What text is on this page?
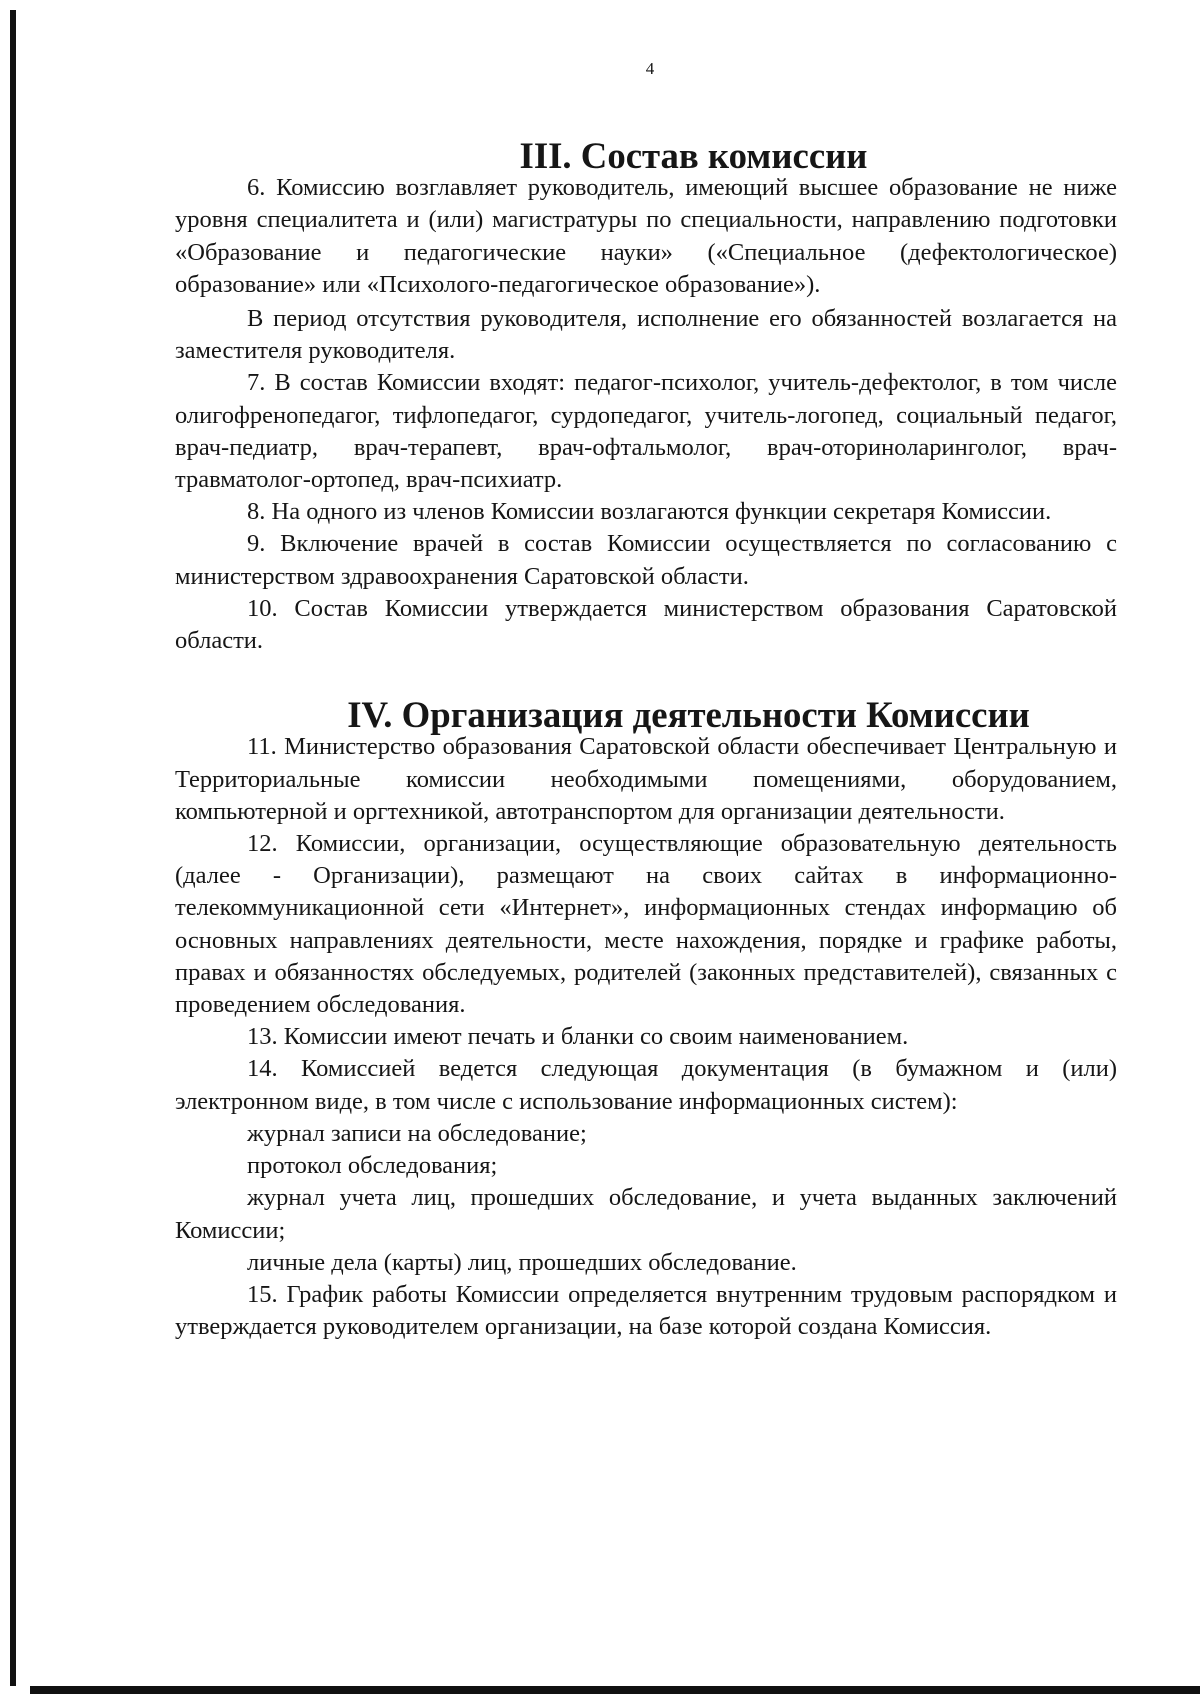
4
III. Состав комиссии

6. Комиссию возглавляет руководитель, имеющий высшее образование не ниже уровня специалитета и (или) магистратуры по специальности, направлению подготовки «Образование и педагогические науки» («Специальное (дефектологическое) образование» или «Психолого-педагогическое образование»).

В период отсутствия руководителя, исполнение его обязанностей возлагается на заместителя руководителя.

7. В состав Комиссии входят: педагог-психолог, учитель-дефектолог, в том числе олигофренопедагог, тифлопедагог, сурдопедагог, учитель-логопед, социальный педагог, врач-педиатр, врач-терапевт, врач-офтальмолог, врач-оториноларинголог, врач-травматолог-ортопед, врач-психиатр.

8. На одного из членов Комиссии возлагаются функции секретаря Комиссии.

9. Включение врачей в состав Комиссии осуществляется по согласованию с министерством здравоохранения Саратовской области.

10. Состав Комиссии утверждается министерством образования Саратовской области.

IV. Организация деятельности Комиссии

11. Министерство образования Саратовской области обеспечивает Центральную и Территориальные комиссии необходимыми помещениями, оборудованием, компьютерной и оргтехникой, автотранспортом для организации деятельности.

12. Комиссии, организации, осуществляющие образовательную деятельность (далее - Организации), размещают на своих сайтах в информационно-телекоммуникационной сети «Интернет», информационных стендах информацию об основных направлениях деятельности, месте нахождения, порядке и графике работы, правах и обязанностях обследуемых, родителей (законных представителей), связанных с проведением обследования.

13. Комиссии имеют печать и бланки со своим наименованием.

14. Комиссией ведется следующая документация (в бумажном и (или) электронном виде, в том числе с использование информационных систем):

журнал записи на обследование;

протокол обследования;

журнал учета лиц, прошедших обследование, и учета выданных заключений Комиссии;

личные дела (карты) лиц, прошедших обследование.

15. График работы Комиссии определяется внутренним трудовым распорядком и утверждается руководителем организации, на базе которой создана Комиссия.
